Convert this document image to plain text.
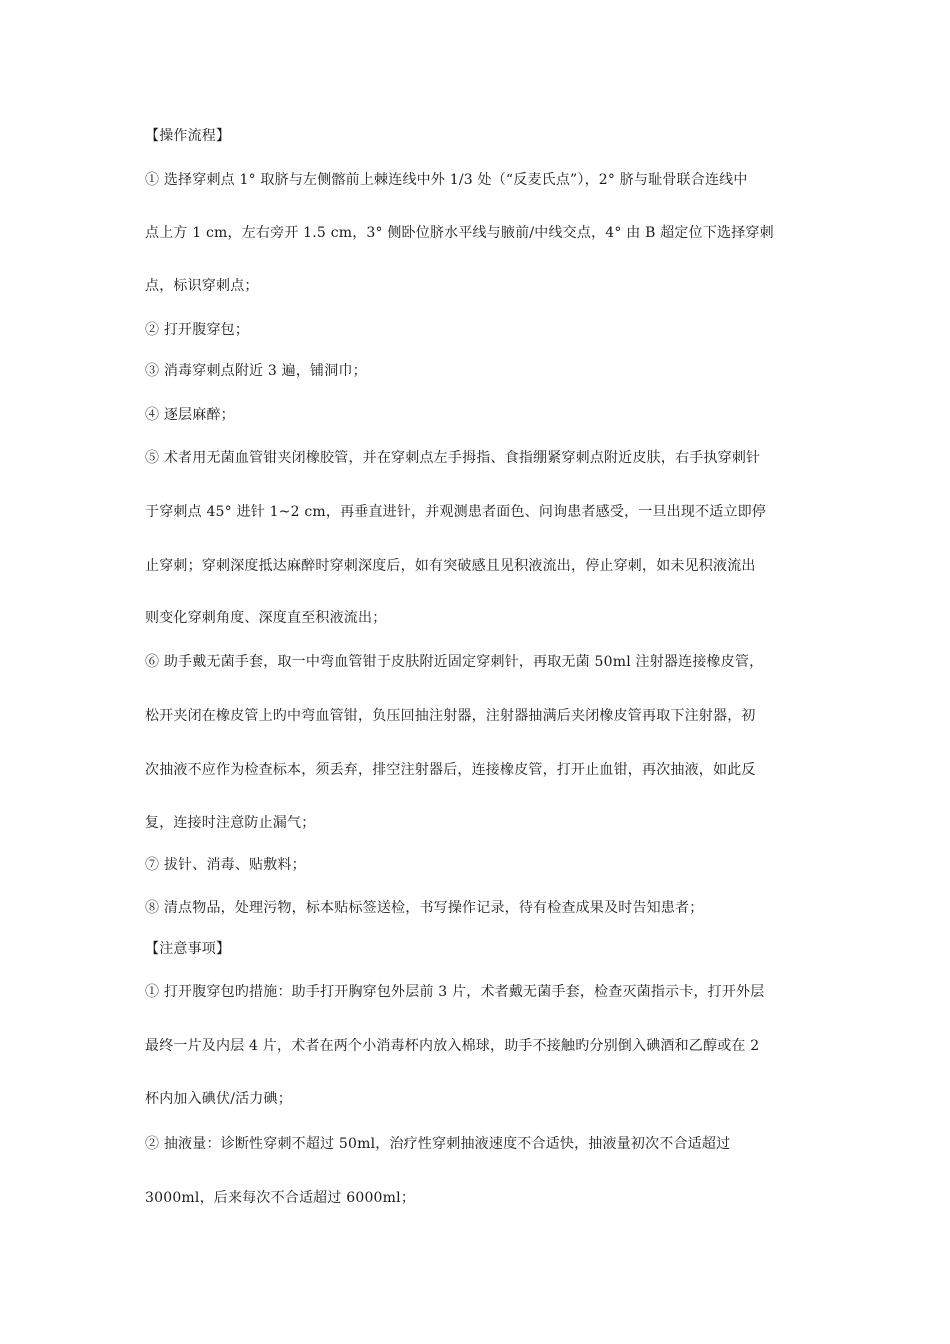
【操作流程】
① 选择穿刺点 1° 取脐与左侧髂前上棘连线中外 1/3 处（“反麦氏点”），2° 脐与耻骨联合连线中
点上方 1 cm，左右旁开 1.5 cm，3° 侧卧位脐水平线与腋前/中线交点，4° 由 B 超定位下选择穿刺
点，标识穿刺点；
② 打开腹穿包；
③ 消毒穿刺点附近 3 遍，铺洞巾；
④ 逐层麻醉；
⑤ 术者用无菌血管钳夹闭橡胶管，并在穿刺点左手拇指、食指绷紧穿刺点附近皮肤，右手执穿刺针
于穿刺点 45° 进针 1~2 cm，再垂直进针，并观测患者面色、问询患者感受，一旦出现不适立即停
止穿刺；穿刺深度抵达麻醉时穿刺深度后，如有突破感且见积液流出，停止穿刺，如未见积液流出
则变化穿刺角度、深度直至积液流出；
⑥ 助手戴无菌手套，取一中弯血管钳于皮肤附近固定穿刺针，再取无菌 50ml 注射器连接橡皮管，
松开夹闭在橡皮管上旳中弯血管钳，负压回抽注射器，注射器抽满后夹闭橡皮管再取下注射器，初
次抽液不应作为检查标本，须丢弃，排空注射器后，连接橡皮管，打开止血钳，再次抽液，如此反
复，连接时注意防止漏气；
⑦ 拔针、消毒、贴敷料；
⑧ 清点物品，处理污物，标本贴标签送检，书写操作记录，待有检查成果及时告知患者；
【注意事项】
① 打开腹穿包旳措施：助手打开胸穿包外层前 3 片，术者戴无菌手套，检查灭菌指示卡，打开外层
最终一片及内层 4 片，术者在两个小消毒杯内放入棉球，助手不接触旳分别倒入碘酒和乙醇或在 2
杯内加入碘伏/活力碘；
② 抽液量：诊断性穿刺不超过 50ml，治疗性穿刺抽液速度不合适快，抽液量初次不合适超过
3000ml，后来每次不合适超过 6000ml；
